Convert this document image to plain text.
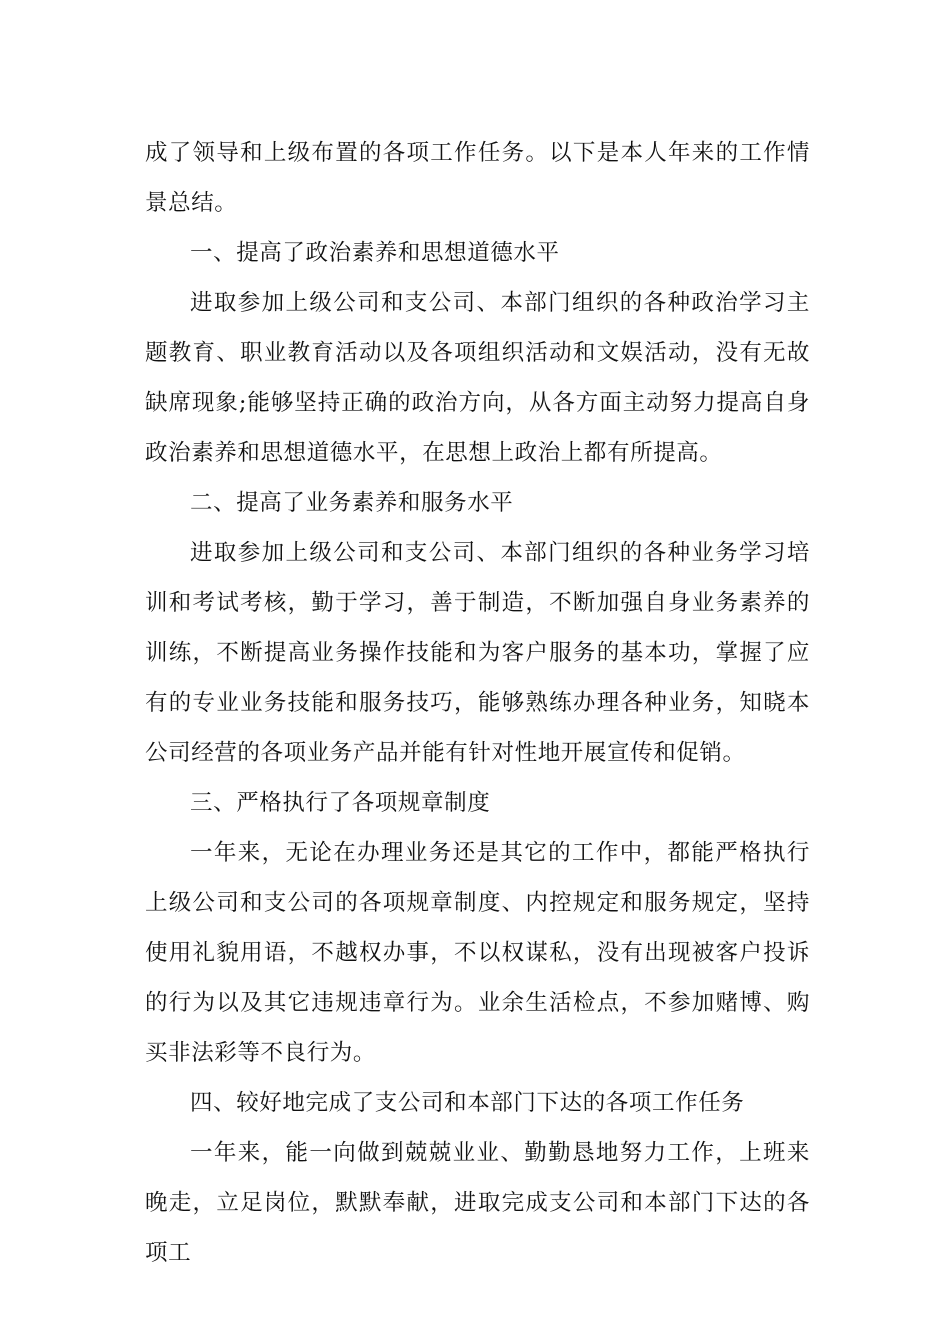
成了领导和上级布置的各项工作任务。以下是本人年来的工作情景总结。

一、提高了政治素养和思想道德水平

进取参加上级公司和支公司、本部门组织的各种政治学习主题教育、职业教育活动以及各项组织活动和文娱活动，没有无故缺席现象;能够坚持正确的政治方向，从各方面主动努力提高自身政治素养和思想道德水平，在思想上政治上都有所提高。

二、提高了业务素养和服务水平

进取参加上级公司和支公司、本部门组织的各种业务学习培训和考试考核，勤于学习，善于制造，不断加强自身业务素养的训练，不断提高业务操作技能和为客户服务的基本功，掌握了应有的专业业务技能和服务技巧，能够熟练办理各种业务，知晓本公司经营的各项业务产品并能有针对性地开展宣传和促销。

三、严格执行了各项规章制度

一年来，无论在办理业务还是其它的工作中，都能严格执行上级公司和支公司的各项规章制度、内控规定和服务规定，坚持使用礼貌用语，不越权办事，不以权谋私，没有出现被客户投诉的行为以及其它违规违章行为。业余生活检点，不参加赌博、购买非法彩等不良行为。

四、较好地完成了支公司和本部门下达的各项工作任务

一年来，能一向做到兢兢业业、勤勤恳地努力工作，上班来晚走，立足岗位，默默奉献，进取完成支公司和本部门下达的各项工
